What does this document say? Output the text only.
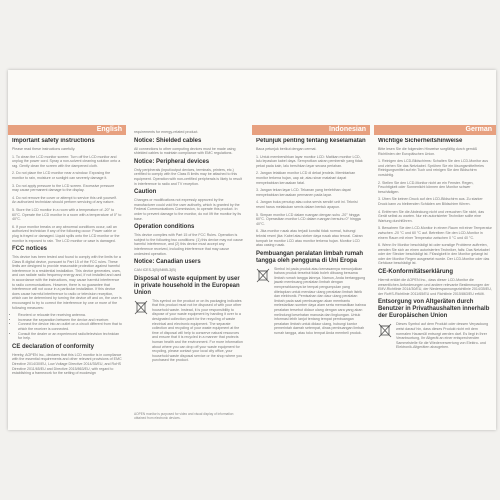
English
Important safety instructions

Please read these instructions carefully.

1. To clean the LCD monitor screen: Turn off the LCD monitor and unplug the power cord. Spray a non-solvent cleaning solution onto a rag. Gently clean the screen with the dampened cloth.

2. Do not place the LCD monitor near a window. Exposing the monitor to rain, moisture or sunlight can severely damage it.

3. Do not apply pressure to the LCD screen. Excessive pressure may cause permanent damage to the display.

4. Do not remove the cover or attempt to service this unit yourself. An authorized technician should perform servicing of any nature.

5. Store the LCD monitor in a room with a temperature of -20° to 60°C. Operate the LCD monitor in a room with a temperature of 0° to 40°C.

6. If your monitor breaks or any abnormal conditions occur, call an authorized technician if any of the following occur: Power cable or plug is frayed or damaged. Liquid spills onto the LCD monitor or the monitor is exposed to rain. The LCD monitor or case is damaged.

FCC notices

This device has been tested and found to comply with the limits for a Class B digital device, pursuant to Part 15 of the FCC rules. These limits are designed to provide reasonable protection against harmful interference in a residential installation. This device generates, uses, and can radiate radio frequency energy and, if not installed and used in accordance with the instructions, may cause harmful interference to radio communications. However, there is no guarantee that interference will not occur in a particular installation. If this device does cause harmful interference to radio or television reception, which can be determined by turning the device off and on, the user is encouraged to try to correct the interference by one or more of the following measures:

• Reorient or relocate the receiving antenna.
• Increase the separation between the device and receiver.
• Connect the device into an outlet on a circuit different from that to which the receiver is connected.
• Consult the dealer or an experienced radio/television technician for help.
CE declaration of conformity

Hereby, AOPEN Inc., declares that this LCD monitor is in compliance with the essential requirements and other relevant provisions of EMC Directive 2014/30/EU, Low Voltage Directive 2014/35/EU, and RoHS Directive 2011/65/EU and Directive 2015/863/EU, with regard to establishing a framework for the setting of ecodesign

requirements for energy-related product.

Notice: Shielded cables

All connections to other computing devices must be made using shielded cables to maintain compliance with EMC regulations.

Notice: Peripheral devices

Only peripherals (input/output devices, terminals, printers, etc.) certified to comply with the Class B limits may be attached to this equipment. Operation with non-certified peripherals is likely to result in interference to radio and TV reception.

Caution

Changes or modifications not expressly approved by the manufacturer could void the user authority, which is granted by the Federal Communications Commission, to operate this product. In order to prevent damage to the monitor, do not lift the monitor by its base.

Operation conditions

This device complies with Part 15 of the FCC Rules. Operation is subject to the following two conditions: (1) this device may not cause harmful interference, and (2) this device must accept any interference received, including interference that may cause undesired operation.

Notice: Canadian users

CAN ICES-3(B)/NMB-3(B)

Disposal of waste equipment by user in private household in the European Union

This symbol on the product or on its packaging indicates that this product must not be disposed of with your other household waste. Instead, it is your responsibility to dispose of your waste equipment by handing it over to a designated collection point for the recycling of waste electrical and electronic equipment. The separate collection and recycling of your waste equipment at the time of disposal will help to conserve natural resources and ensure that it is recycled in a manner that protects human health and the environment. For more information about where you can drop off your waste equipment for recycling, please contact your local city office, your household waste disposal service or the shop where you purchased the product.

AOPEN monitor is purposed for video and visual display of information obtained from electronic devices.
Indonesian
Petunjuk penting tentang keselamatan

Baca petunjuk berikut dengan cermat.

1. Untuk membersihkan layar monitor LCD: Matikan monitor LCD, lalu lepaskan kabel daya. Semprotkan cairan pembersih yang tidak pekat pada kain, lalu bersihkan layar secara perlahan.

2. Jangan letakkan monitor LCD di dekat jendela. Membiarkan monitor terkena hujan, uap air, atau sinar matahari dapat menyebabkan kerusakan fatal.

3. Jangan tekan layar LCD. Tekanan yang berlebihan dapat menyebabkan kerusakan permanen pada layar.

4. Jangan buka penutup atau coba servis sendiri unit ini. Teknisi resmi harus melakukan servis dalam bentuk apapun.

5. Simpan monitor LCD dalam ruangan dengan suhu -20° hingga 60°C. Operasikan monitor LCD dalam ruangan bersuhu 0° hingga 40°C.

6. Jika monitor rusak atau terjadi kondisi tidak normal, hubungi teknisi resmi jika: Kabel atau steker daya rusak atau terurai. Cairan tumpah ke monitor LCD atau monitor terkena hujan. Monitor LCD atau casing rusak.

Pembuangan peralatan limbah rumah tangga oleh pengguna di Uni Eropa

Simbol ini pada produk atau kemasannya menunjukkan bahwa produk tersebut tidak boleh dibuang bersama limbah rumah tangga lainnya. Namun, Anda bertanggung jawab membuang peralatan limbah dengan menyerahkannya ke tempat pengumpulan yang ditetapkan untuk mendaur ulang peralatan limbah listrik dan elektronik. Pemisahan dan daur ulang peralatan limbah pada saat pembuangan akan membantu melestarikan sumber daya alam serta memastikan bahwa peralatan tersebut didaur ulang dengan cara yang akan melindungi kesehatan manusia dan lingkungan. Untuk informasi lebih lanjut tentang tempat pembuangan peralatan limbah untuk didaur ulang, hubungi kantor pemerintah daerah setempat, dinas pembuangan limbah rumah tangga, atau toko tempat Anda membeli produk.

German
Wichtige Sicherheitshinweise

Bitte lesen Sie die folgenden Hinweise sorgfältig durch gemäß Richtlinien der Europäischen Union.

1. Reinigen des LCD-Bildschirms: Schalten Sie den LCD-Monitor aus und ziehen Sie das Netzkabel. Sprühen Sie ein lösungsmittelfreies Reinigungsmittel auf ein Tuch und reinigen Sie den Bildschirm vorsichtig.

2. Stellen Sie den LCD-Monitor nicht an ein Fenster. Regen, Feuchtigkeit oder Sonnenlicht können den Monitor schwer beschädigen.

3. Üben Sie keinen Druck auf den LCD-Bildschirm aus. Zu starker Druck kann zu bleibenden Schäden am Bildschirm führen.

4. Entfernen Sie die Abdeckung nicht und versuchen Sie nicht, das Gerät selbst zu warten. Nur ein autorisierter Techniker sollte eine Wartung durchführen.

5. Bewahren Sie den LCD-Monitor in einem Raum mit einer Temperatur zwischen -20 °C und 60 °C auf. Betreiben Sie den LCD-Monitor in einem Raum mit einer Temperatur zwischen 0 °C und 40 °C.

6. Wenn Ihr Monitor beschädigt ist oder sonstige Probleme auftreten, wenden Sie sich an einen autorisierten Techniker, falls: Das Netzkabel oder der Stecker beschädigt ist. Flüssigkeit in den Monitor gelangt ist oder der Monitor Regen ausgesetzt wurde. Der LCD-Monitor oder das Gehäuse beschädigt ist.

CE-Konformitätserklärung

Hiermit erklärt die AOPEN Inc., dass dieser LCD-Monitor die wesentlichen Anforderungen und andere relevante Bestimmungen der EMV-Richtlinie 2014/30/EU, der Niederspannungsrichtlinie 2014/35/EU, der RoHS-Richtlinie 2011/65/EU und Richtlinie 2015/863/EU erfüllt.

Entsorgung von Altgeräten durch Benutzer in Privathaushalten innerhalb der Europäischen Union

Dieses Symbol auf dem Produkt oder dessen Verpackung weist darauf hin, dass dieses Produkt nicht mit dem normalen Hausmüll entsorgt werden darf. Es liegt in Ihrer Verantwortung, Ihr Altgerät an einer entsprechenden Sammelstelle für die Wiederverwertung von Elektro- und Elektronik-Altgeräten abzugeben.
